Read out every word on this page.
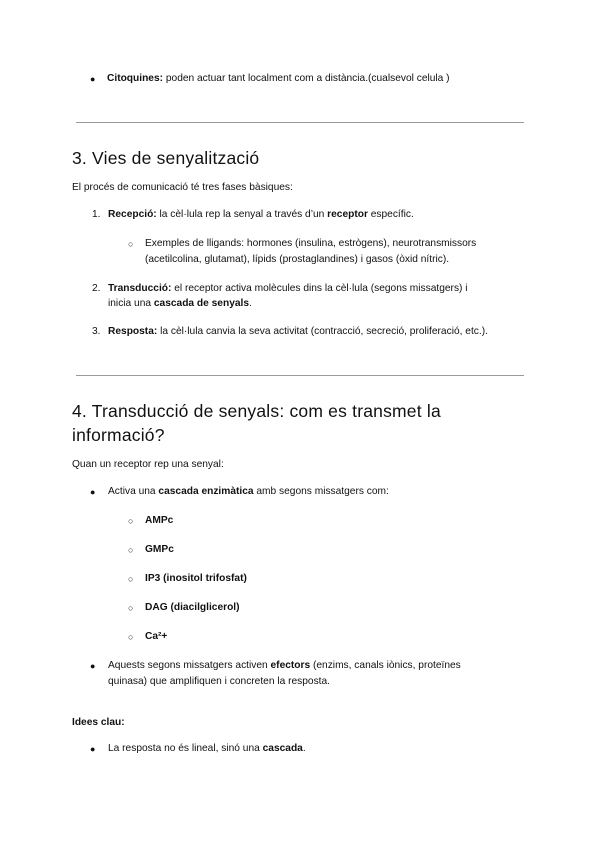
● Citoquines: poden actuar tant localment com a distància.(cualsevol celula )
3. Vies de senyalització
El procés de comunicació té tres fases bàsiques:
1. Recepció: la cèl·lula rep la senyal a través d’un receptor específic.
○ Exemples de lligands: hormones (insulina, estrògens), neurotransmissors
(acetilcolina, glutamat), lípids (prostaglandines) i gasos (òxid nítric).
2. Transducció: el receptor activa molècules dins la cèl·lula (segons missatgers) i
inicia una cascada de senyals.
3. Resposta: la cèl·lula canvia la seva activitat (contracció, secreció, proliferació, etc.).
4. Transducció de senyals: com es transmet la
informació?
Quan un receptor rep una senyal:
● Activa una cascada enzimàtica amb segons missatgers com:
○ AMPc
○ GMPc
○ IP3 (inositol trifosfat)
○ DAG (diacilglicerol)
○ Ca²+
● Aquests segons missatgers activen efectors (enzims, canals iònics, proteïnes
quinasa) que amplifiquen i concreten la resposta.
Idees clau:
● La resposta no és lineal, sinó una cascada.
